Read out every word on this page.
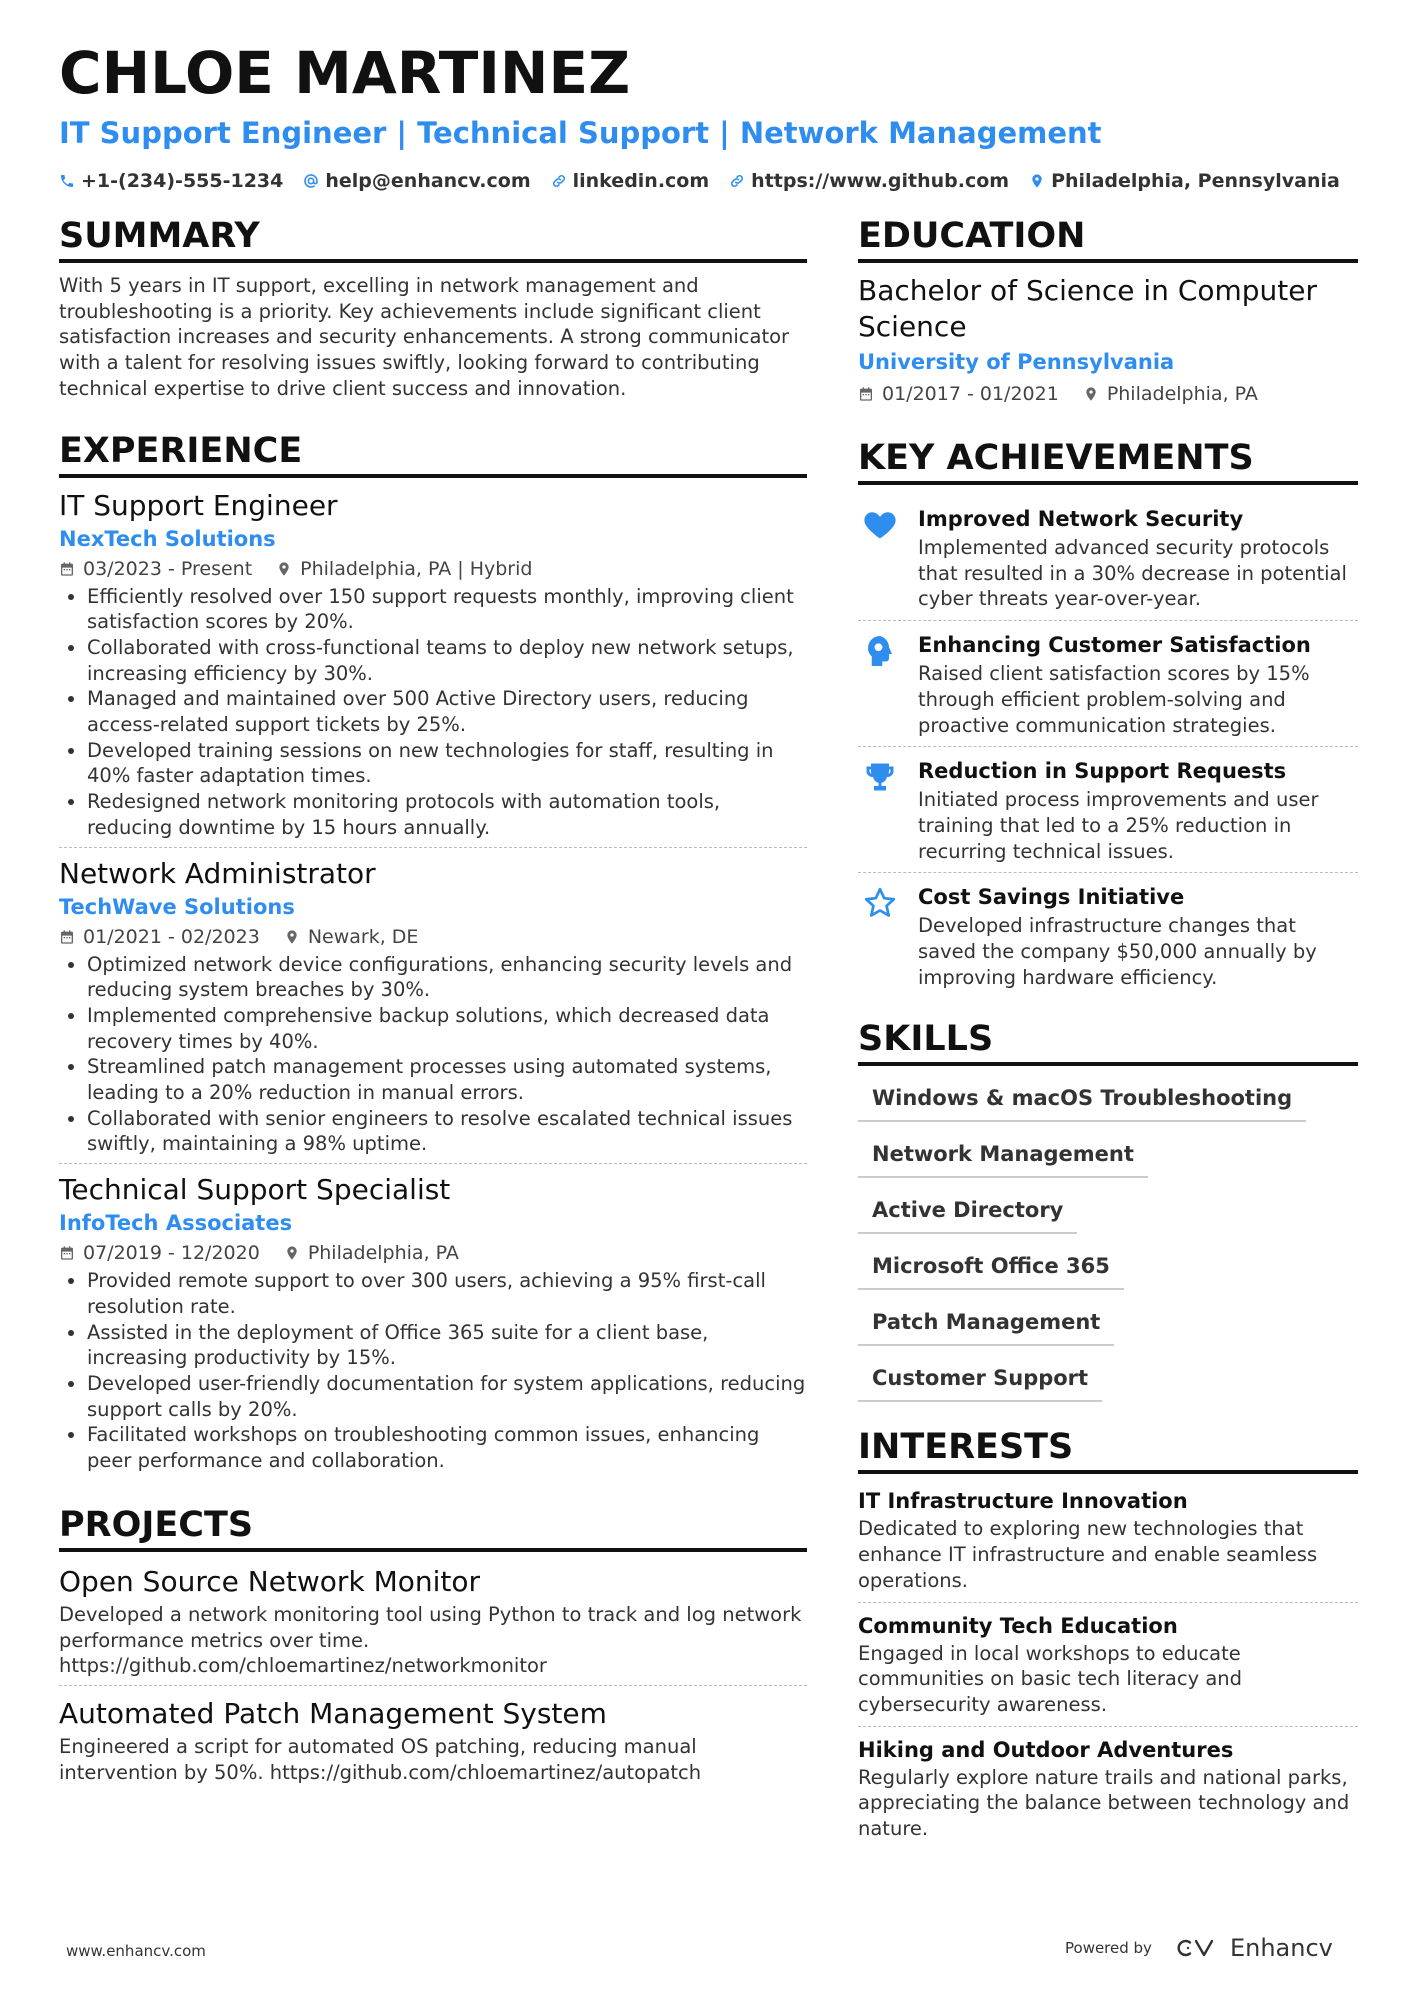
CHLOE MARTINEZ
IT Support Engineer | Technical Support | Network Management
+1-(234)-555-1234 help@enhancv.com linkedin.com https://www.github.com Philadelphia, Pennsylvania
SUMMARY
With 5 years in IT support, excelling in network management and troubleshooting is a priority. Key achievements include significant client satisfaction increases and security enhancements. A strong communicator with a talent for resolving issues swiftly, looking forward to contributing technical expertise to drive client success and innovation.
EXPERIENCE
IT Support Engineer
NexTech Solutions
03/2023 - Present	Philadelphia, PA | Hybrid
• Efficiently resolved over 150 support requests monthly, improving client satisfaction scores by 20%.
• Collaborated with cross-functional teams to deploy new network setups, increasing efficiency by 30%.
• Managed and maintained over 500 Active Directory users, reducing access-related support tickets by 25%.
• Developed training sessions on new technologies for staff, resulting in 40% faster adaptation times.
• Redesigned network monitoring protocols with automation tools, reducing downtime by 15 hours annually.
Network Administrator
TechWave Solutions
01/2021 - 02/2023	Newark, DE
• Optimized network device configurations, enhancing security levels and reducing system breaches by 30%.
• Implemented comprehensive backup solutions, which decreased data recovery times by 40%.
• Streamlined patch management processes using automated systems, leading to a 20% reduction in manual errors.
• Collaborated with senior engineers to resolve escalated technical issues swiftly, maintaining a 98% uptime.
Technical Support Specialist
InfoTech Associates
07/2019 - 12/2020	Philadelphia, PA
• Provided remote support to over 300 users, achieving a 95% first-call resolution rate.
• Assisted in the deployment of Office 365 suite for a client base, increasing productivity by 15%.
• Developed user-friendly documentation for system applications, reducing support calls by 20%.
• Facilitated workshops on troubleshooting common issues, enhancing peer performance and collaboration.
PROJECTS
Open Source Network Monitor
Developed a network monitoring tool using Python to track and log network performance metrics over time. https://github.com/chloemartinez/networkmonitor
Automated Patch Management System
Engineered a script for automated OS patching, reducing manual intervention by 50%. https://github.com/chloemartinez/autopatch
EDUCATION
Bachelor of Science in Computer Science
University of Pennsylvania
01/2017 - 01/2021	Philadelphia, PA
KEY ACHIEVEMENTS
Improved Network Security
Implemented advanced security protocols that resulted in a 30% decrease in potential cyber threats year-over-year.
Enhancing Customer Satisfaction
Raised client satisfaction scores by 15% through efficient problem-solving and proactive communication strategies.
Reduction in Support Requests
Initiated process improvements and user training that led to a 25% reduction in recurring technical issues.
Cost Savings Initiative
Developed infrastructure changes that saved the company $50,000 annually by improving hardware efficiency.
SKILLS
Windows & macOS Troubleshooting
Network Management
Active Directory
Microsoft Office 365
Patch Management
Customer Support
INTERESTS
IT Infrastructure Innovation
Dedicated to exploring new technologies that enhance IT infrastructure and enable seamless operations.
Community Tech Education
Engaged in local workshops to educate communities on basic tech literacy and cybersecurity awareness.
Hiking and Outdoor Adventures
Regularly explore nature trails and national parks, appreciating the balance between technology and nature.
www.enhancv.com	Powered by	Enhancv
